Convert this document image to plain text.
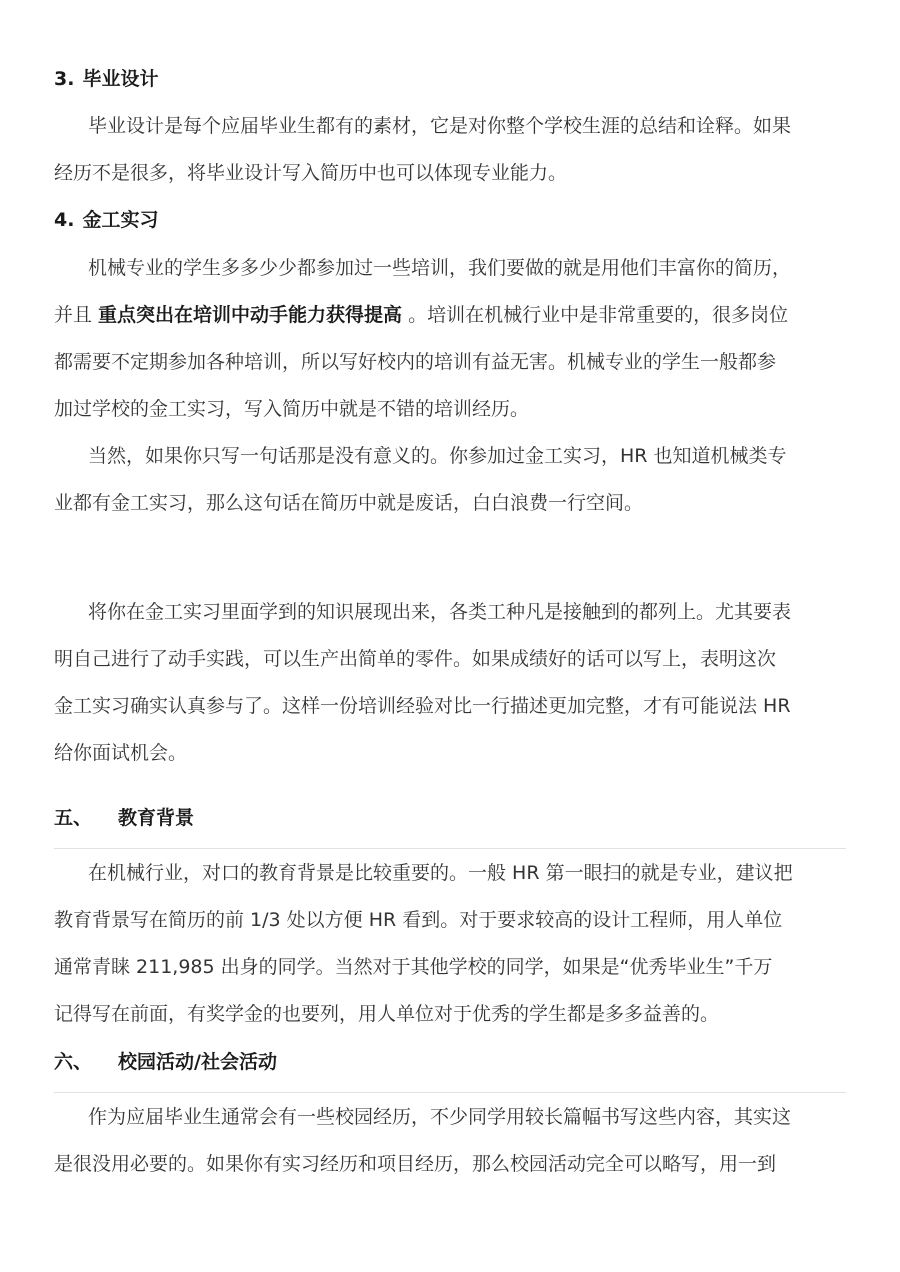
3. 毕业设计
毕业设计是每个应届毕业生都有的素材，它是对你整个学校生涯的总结和诠释。如果
经历不是很多，将毕业设计写入简历中也可以体现专业能力。
4. 金工实习
机械专业的学生多多少少都参加过一些培训，我们要做的就是用他们丰富你的简历，
并且 重点突出在培训中动手能力获得提高 。培训在机械行业中是非常重要的，很多岗位
都需要不定期参加各种培训，所以写好校内的培训有益无害。机械专业的学生一般都参
加过学校的金工实习，写入简历中就是不错的培训经历。
当然，如果你只写一句话那是没有意义的。你参加过金工实习，HR 也知道机械类专
业都有金工实习，那么这句话在简历中就是废话，白白浪费一行空间。
将你在金工实习里面学到的知识展现出来，各类工种凡是接触到的都列上。尤其要表
明自己进行了动手实践，可以生产出简单的零件。如果成绩好的话可以写上，表明这次
金工实习确实认真参与了。这样一份培训经验对比一行描述更加完整，才有可能说法 HR
给你面试机会。
五、 教育背景
在机械行业，对口的教育背景是比较重要的。一般 HR 第一眼扫的就是专业，建议把
教育背景写在简历的前 1/3 处以方便 HR 看到。对于要求较高的设计工程师，用人单位
通常青睐 211,985 出身的同学。当然对于其他学校的同学，如果是“优秀毕业生”千万
记得写在前面，有奖学金的也要列，用人单位对于优秀的学生都是多多益善的。
六、 校园活动/社会活动
作为应届毕业生通常会有一些校园经历，不少同学用较长篇幅书写这些内容，其实这
是很没用必要的。如果你有实习经历和项目经历，那么校园活动完全可以略写，用一到
